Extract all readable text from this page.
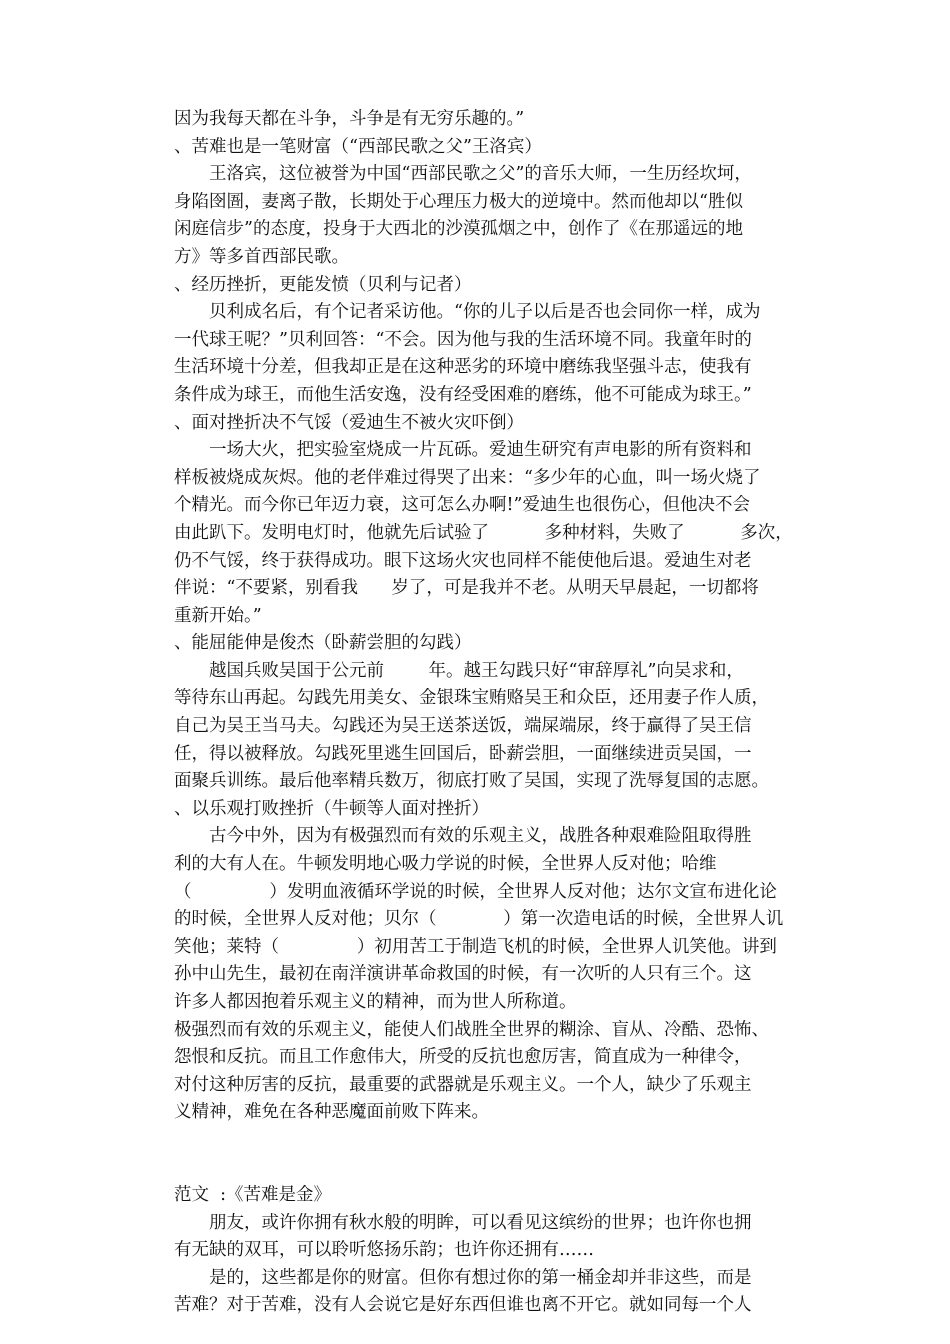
因为我每天都在斗争，斗争是有无穷乐趣的。”
、苦难也是一笔财富（“西部民歌之父”王洛宾）
王洛宾，这位被誉为中国“西部民歌之父”的音乐大师，一生历经坎坷，
身陷囹圄，妻离子散，长期处于心理压力极大的逆境中。然而他却以“胜似
闲庭信步”的态度，投身于大西北的沙漠孤烟之中，创作了《在那遥远的地
方》等多首西部民歌。
、经历挫折，更能发愤（贝利与记者）
贝利成名后，有个记者采访他。“你的儿子以后是否也会同你一样，成为
一代球王呢？”贝利回答：“不会。因为他与我的生活环境不同。我童年时的
生活环境十分差，但我却正是在这种恶劣的环境中磨练我坚强斗志，使我有
条件成为球王，而他生活安逸，没有经受困难的磨练，他不可能成为球王。”
、面对挫折决不气馁（爱迪生不被火灾吓倒）
一场大火，把实验室烧成一片瓦砾。爱迪生研究有声电影的所有资料和
样板被烧成灰烬。他的老伴难过得哭了出来：“多少年的心血，叫一场火烧了
个精光。而今你已年迈力衰，这可怎么办啊!”爱迪生也很伤心，但他决不会
由此趴下。发明电灯时，他就先后试验了          多种材料，失败了          多次，
仍不气馁，终于获得成功。眼下这场火灾也同样不能使他后退。爱迪生对老
伴说：“不要紧，别看我      岁了，可是我并不老。从明天早晨起，一切都将
重新开始。”
、能屈能伸是俊杰（卧薪尝胆的勾践）
越国兵败吴国于公元前        年。越王勾践只好“审辞厚礼”向吴求和，
等待东山再起。勾践先用美女、金银珠宝贿赂吴王和众臣，还用妻子作人质，
自己为吴王当马夫。勾践还为吴王送茶送饭，端屎端尿，终于赢得了吴王信
任，得以被释放。勾践死里逃生回国后，卧薪尝胆，一面继续进贡吴国，一
面聚兵训练。最后他率精兵数万，彻底打败了吴国，实现了洗辱复国的志愿。
、以乐观打败挫折（牛顿等人面对挫折）
古今中外，因为有极强烈而有效的乐观主义，战胜各种艰难险阻取得胜
利的大有人在。牛顿发明地心吸力学说的时候，全世界人反对他；哈维
（              ）发明血液循环学说的时候，全世界人反对他；达尔文宣布进化论
的时候，全世界人反对他；贝尔（            ）第一次造电话的时候，全世界人讥
笑他；莱特（              ）初用苦工于制造飞机的时候，全世界人讥笑他。讲到
孙中山先生，最初在南洋演讲革命救国的时候，有一次听的人只有三个。这
许多人都因抱着乐观主义的精神，而为世人所称道。
极强烈而有效的乐观主义，能使人们战胜全世界的糊涂、盲从、冷酷、恐怖、
怨恨和反抗。而且工作愈伟大，所受的反抗也愈厉害，简直成为一种律令，
对付这种厉害的反抗，最重要的武器就是乐观主义。一个人，缺少了乐观主
义精神，难免在各种恶魔面前败下阵来。
范文  :《苦难是金》
朋友，或许你拥有秋水般的明眸，可以看见这缤纷的世界；也许你也拥
有无缺的双耳，可以聆听悠扬乐韵；也许你还拥有……
是的，这些都是你的财富。但你有想过你的第一桶金却并非这些，而是
苦难？对于苦难，没有人会说它是好东西但谁也离不开它。就如同每一个人
